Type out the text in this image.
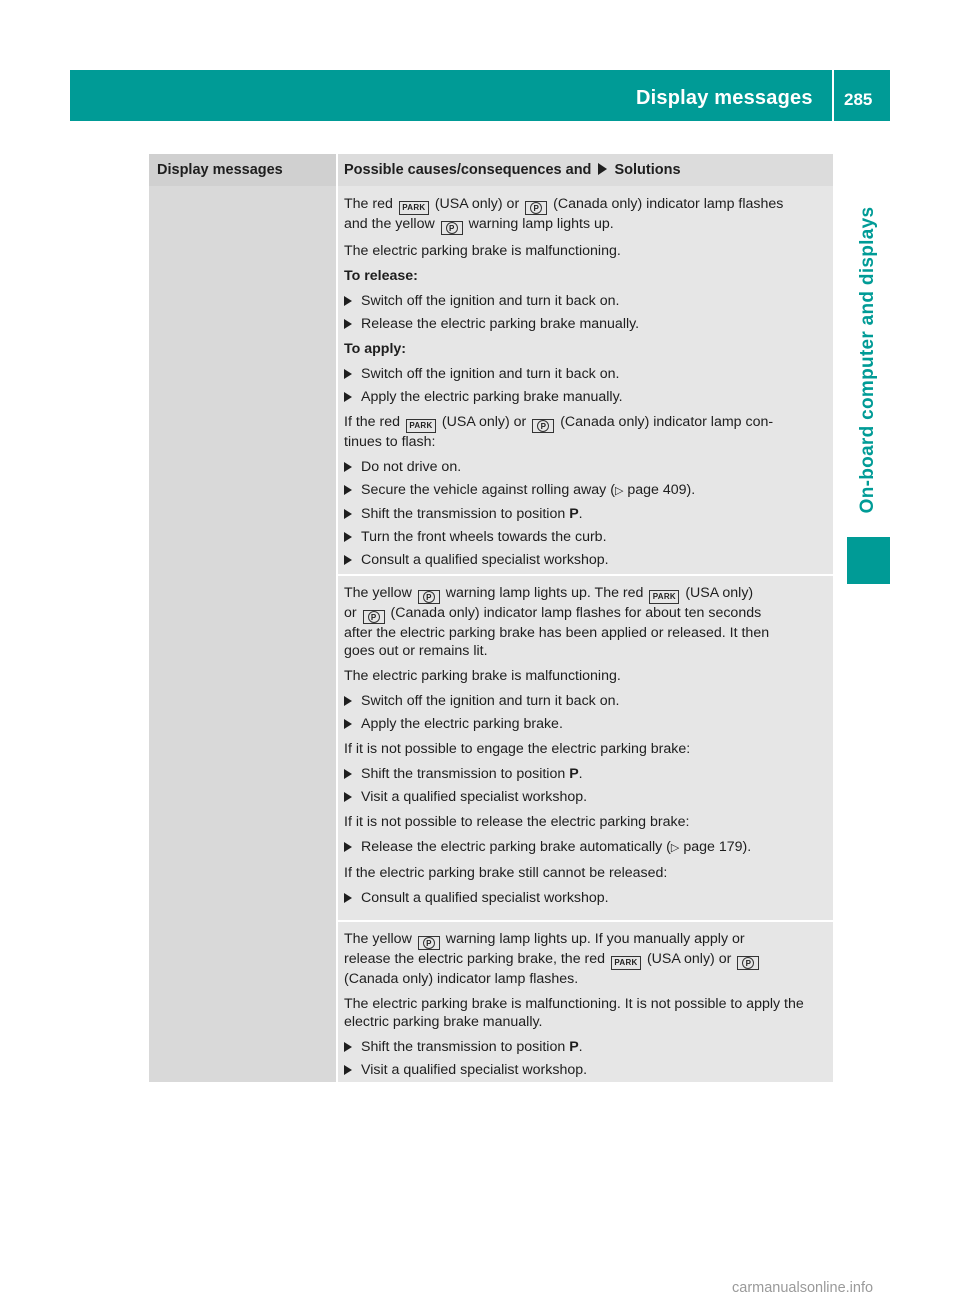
Display messages 285
On-board computer and displays
Display messages	Possible causes/consequences and Solutions

The red PARK (USA only) or P (Canada only) indicator lamp flashes

and the yellow P warning lamp lights up.

The electric parking brake is malfunctioning.

To release:

Switch off the ignition and turn it back on.

Release the electric parking brake manually.

To apply:

Switch off the ignition and turn it back on.

Apply the electric parking brake manually.

If the red PARK (USA only) or P (Canada only) indicator lamp con-

tinues to flash:

Do not drive on.

Secure the vehicle against rolling away ( ▷ page 409).

Shift the transmission to position P.

Turn the front wheels towards the curb.

Consult a qualified specialist workshop.

The yellow P warning lamp lights up. The red PARK (USA only)

or P (Canada only) indicator lamp flashes for about ten seconds

after the electric parking brake has been applied or released. It then

goes out or remains lit.

The electric parking brake is malfunctioning.

Switch off the ignition and turn it back on.

Apply the electric parking brake.

If it is not possible to engage the electric parking brake:

Shift the transmission to position P.

Visit a qualified specialist workshop.

If it is not possible to release the electric parking brake:

Release the electric parking brake automatically ( ▷ page 179).

If the electric parking brake still cannot be released:

Consult a qualified specialist workshop.

The yellow P warning lamp lights up. If you manually apply or

release the electric parking brake, the red PARK (USA only) or P

(Canada only) indicator lamp flashes.

The electric parking brake is malfunctioning. It is not possible to apply the electric parking brake manually.

Shift the transmission to position P.

Visit a qualified specialist workshop.

carmanualsonline.info
